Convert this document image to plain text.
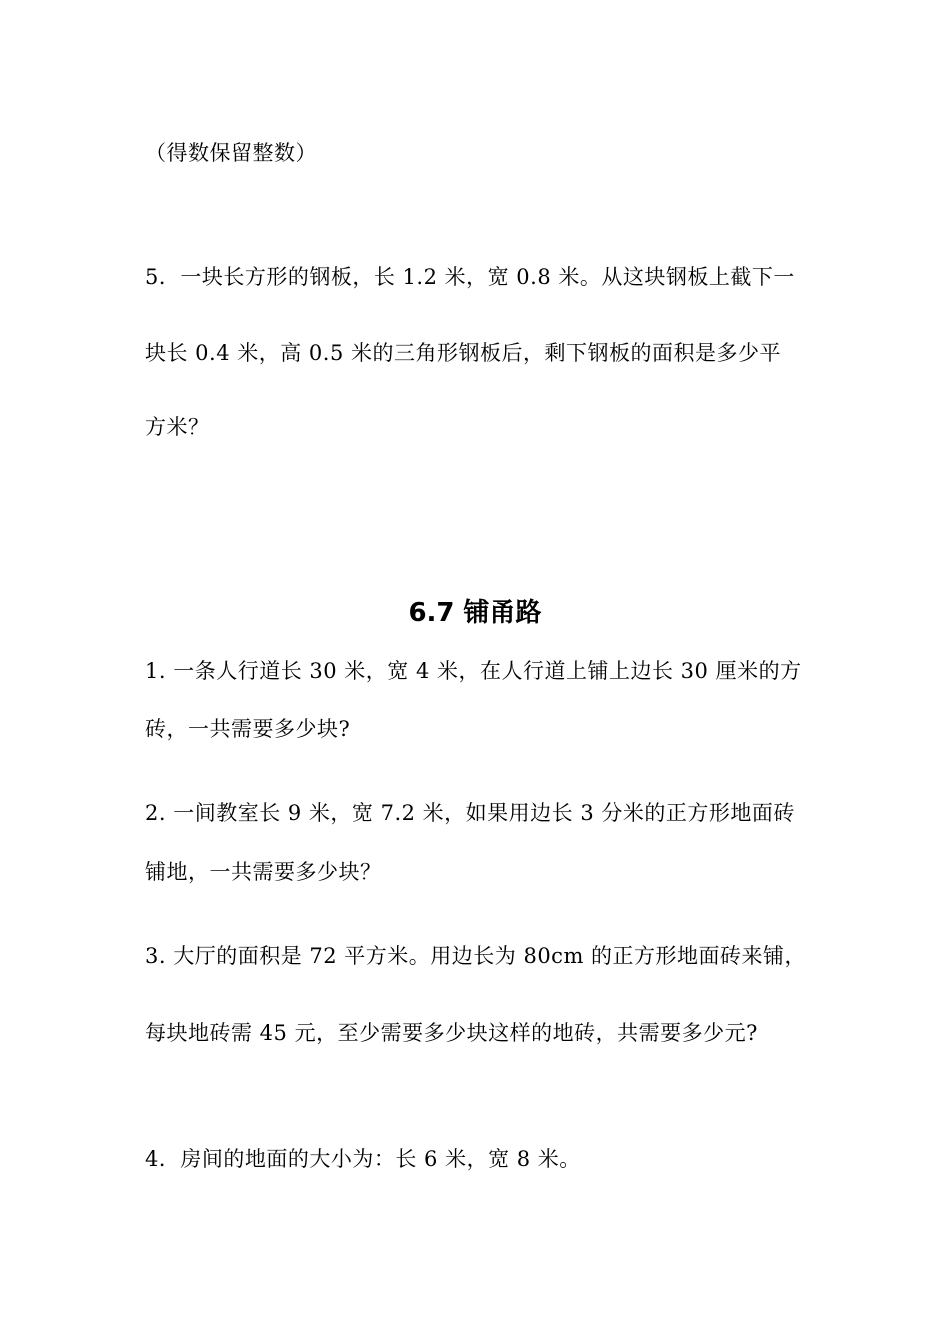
（得数保留整数）
5．一块长方形的钢板，长 1.2 米，宽 0.8 米。从这块钢板上截下一
块长 0.4 米，高 0.5 米的三角形钢板后，剩下钢板的面积是多少平
方米？
6.7 铺甬路
1. 一条人行道长 30 米，宽 4 米，在人行道上铺上边长 30 厘米的方
砖，一共需要多少块?
2. 一间教室长 9 米，宽 7.2 米，如果用边长 3 分米的正方形地面砖
铺地，一共需要多少块？
3. 大厅的面积是 72 平方米。用边长为 80cm 的正方形地面砖来铺，
每块地砖需 45 元，至少需要多少块这样的地砖，共需要多少元?
4．房间的地面的大小为：长 6 米，宽 8 米。
